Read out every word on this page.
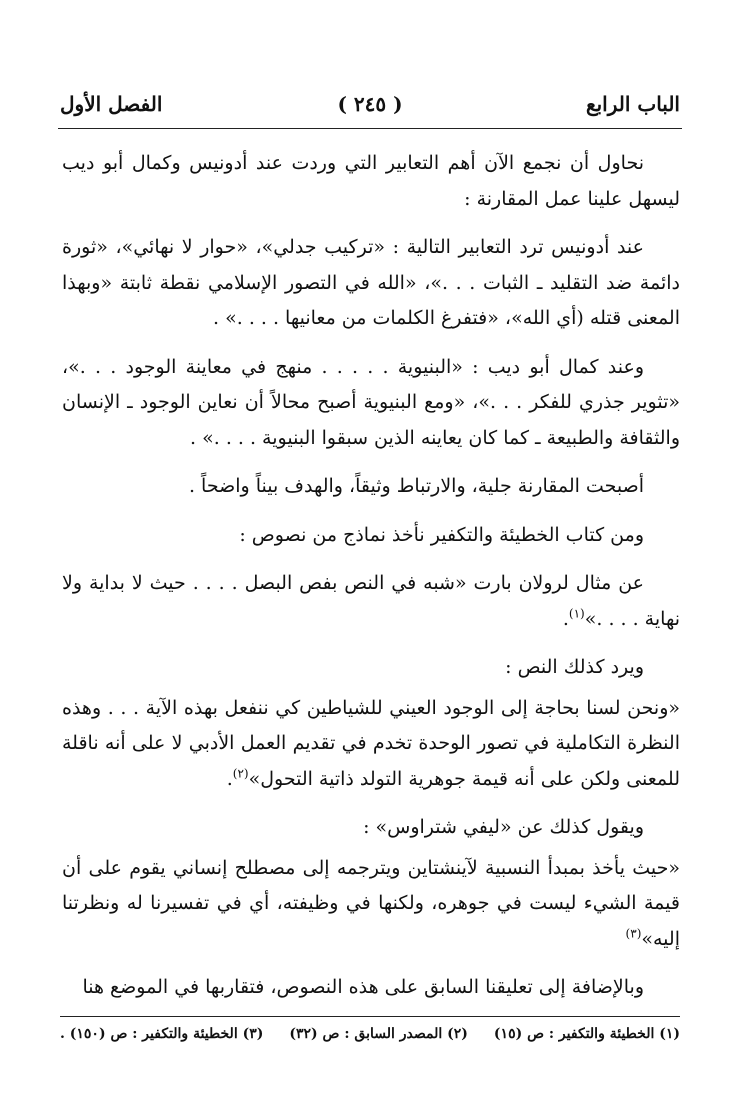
الباب الرابع
( ٢٤٥ )
الفصل الأول

نحاول أن نجمع الآن أهم التعابير التي وردت عند أدونيس وكمال أبو ديب ليسهل علينا عمل المقارنة :

عند أدونيس ترد التعابير التالية : «تركيب جدلي»، «حوار لا نهائي»، «ثورة دائمة ضد التقليد ـ الثبات . . .»، «الله في التصور الإسلامي نقطة ثابتة «وبهذا المعنى قتله (أي الله»، «فتفرغ الكلمات من معانيها . . . .» .

وعند كمال أبو ديب : «البنيوية . . . . . منهج في معاينة الوجود . . .»، «تثوير جذري للفكر . . .»، «ومع البنيوية أصبح محالاً أن نعاين الوجود ـ الإنسان والثقافة والطبيعة ـ كما كان يعاينه الذين سبقوا البنيوية . . . .» .

أصبحت المقارنة جلية، والارتباط وثيقاً، والهدف بيناً واضحاً .

ومن كتاب الخطيئة والتكفير نأخذ نماذج من نصوص :

عن مثال لرولان بارت «شبه في النص بفص البصل . . . . حيث لا بداية ولا نهاية . . . .»$^{(١)}$.

ويرد كذلك النص :

«ونحن لسنا بحاجة إلى الوجود العيني للشياطين كي ننفعل بهذه الآية . . . وهذه النظرة التكاملية في تصور الوحدة تخدم في تقديم العمل الأدبي لا على أنه ناقلة للمعنى ولكن على أنه قيمة جوهرية التولد ذاتية التحول»$^{(٢)}$.

ويقول كذلك عن «ليفي شتراوس» :

«حيث يأخذ بمبدأ النسبية لآينشتاين ويترجمه إلى مصطلح إنساني يقوم على أن قيمة الشيء ليست في جوهره، ولكنها في وظيفته، أي في تفسيرنا له ونظرتنا إليه»$^{(٣)}$

وبالإضافة إلى تعليقنا السابق على هذه النصوص، فتقاربها في الموضع هنا

(١) الخطيئة والتكفير : ص (١٥)
(٢) المصدر السابق : ص (٣٢)
(٣) الخطيئة والتكفير : ص (١٥٠) .
